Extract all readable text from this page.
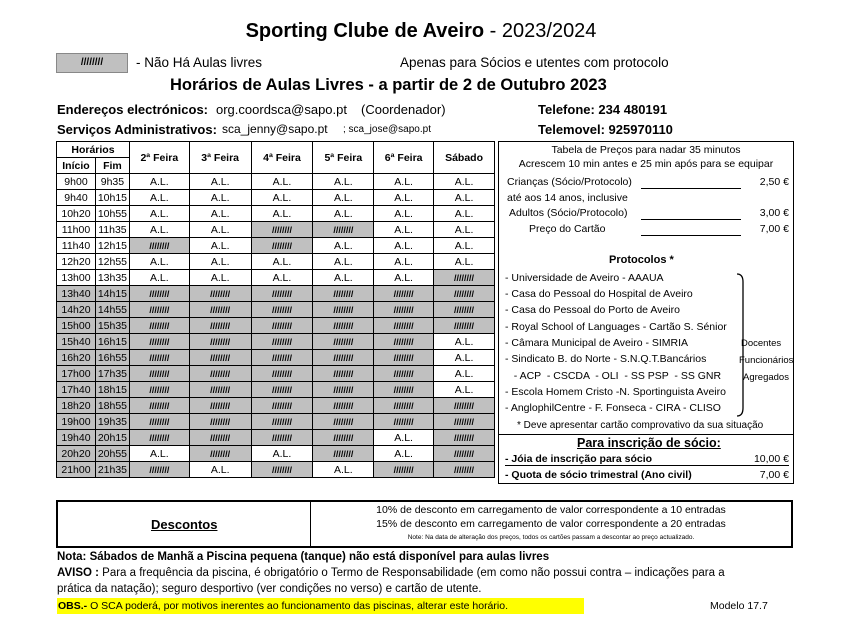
Sporting Clube de Aveiro - 2023/2024
////////	- Não Há Aulas livres	Apenas para Sócios e utentes com protocolo
Horários de Aulas Livres - a partir de 2 de Outubro 2023
Endereços electrónicos: org.coordsca@sapo.pt (Coordenador)	Telefone: 234 480191
Serviços Administrativos: sca_jenny@sapo.pt ; sca_jose@sapo.pt	Telemovel: 925970110
Horários		2ª Feira	3ª Feira	4ª Feira	5ª Feira	6ª Feira	Sábado
Início	Fim						
9h00	9h35	A.L.	A.L.	A.L.	A.L.	A.L.	A.L.
9h40	10h15	A.L.	A.L.	A.L.	A.L.	A.L.	A.L.
10h20	10h55	A.L.	A.L.	A.L.	A.L.	A.L.	A.L.
11h00	11h35	A.L.	A.L.	////////	////////	A.L.	A.L.
11h40	12h15	////////	A.L.	////////	A.L.	A.L.	A.L.
12h20	12h55	A.L.	A.L.	A.L.	A.L.	A.L.	A.L.
13h00	13h35	A.L.	A.L.	A.L.	A.L.	A.L.	////////
13h40	14h15	////////	////////	////////	////////	////////	////////
14h20	14h55	////////	////////	////////	////////	////////	////////
15h00	15h35	////////	////////	////////	////////	////////	////////
15h40	16h15	////////	////////	////////	////////	////////	A.L.
16h20	16h55	////////	////////	////////	////////	////////	A.L.
17h00	17h35	////////	////////	////////	////////	////////	A.L.
17h40	18h15	////////	////////	////////	////////	////////	A.L.
18h20	18h55	////////	////////	////////	////////	////////	////////
19h00	19h35	////////	////////	////////	////////	////////	////////
19h40	20h15	////////	////////	////////	////////	A.L.	////////
20h20	20h55	A.L.	////////	A.L.	////////	A.L.	////////
21h00	21h35	////////	A.L.	////////	A.L.	////////	////////
Tabela de Preços para nadar 35 minutos
Acrescem 10 min antes e 25 min após para se equipar
Crianças (Sócio/Protocolo)	2,50 €
até aos 14 anos, inclusive
Adultos (Sócio/Protocolo)	3,00 €
Preço do Cartão	7,00 €
Protocolos *
- Universidade de Aveiro - AAAUA
- Casa do Pessoal do Hospital de Aveiro
- Casa do Pessoal do Porto de Aveiro
- Royal School of Languages - Cartão S. Sénior
- Câmara Municipal de Aveiro - SIMRIA
- Sindicato B. do Norte - S.N.Q.T.Bancários
- ACP  - CSCDA  - OLI  - SS PSP  - SS GNR
- Escola Homem Cristo -N. Sportinguista Aveiro
- AnglophilCentre - F. Fonseca - CIRA - CLISO
Docentes
Funcionários
Agregados
* Deve apresentar cartão comprovativo da sua situação
Para inscrição de sócio:
- Jóia de inscrição para sócio	10,00 €
- Quota de sócio trimestral (Ano civil)	7,00 €
Descontos
10% de desconto em carregamento de valor correspondente a 10 entradas
15% de desconto em carregamento de valor correspondente a 20 entradas
Note: Na data de alteração dos preços, todos os cartões passam a descontar ao preço actualizado.
Nota: Sábados de Manhã a Piscina pequena (tanque) não está disponível para aulas livres
AVISO : Para a frequência da piscina, é obrigatório o Termo de Responsabilidade (em como não possui contra – indicações para a
prática da natação); seguro desportivo (ver condições no verso) e cartão de utente.
OBS.- O SCA poderá, por motivos inerentes ao funcionamento das piscinas, alterar este horário.	Modelo 17.7
